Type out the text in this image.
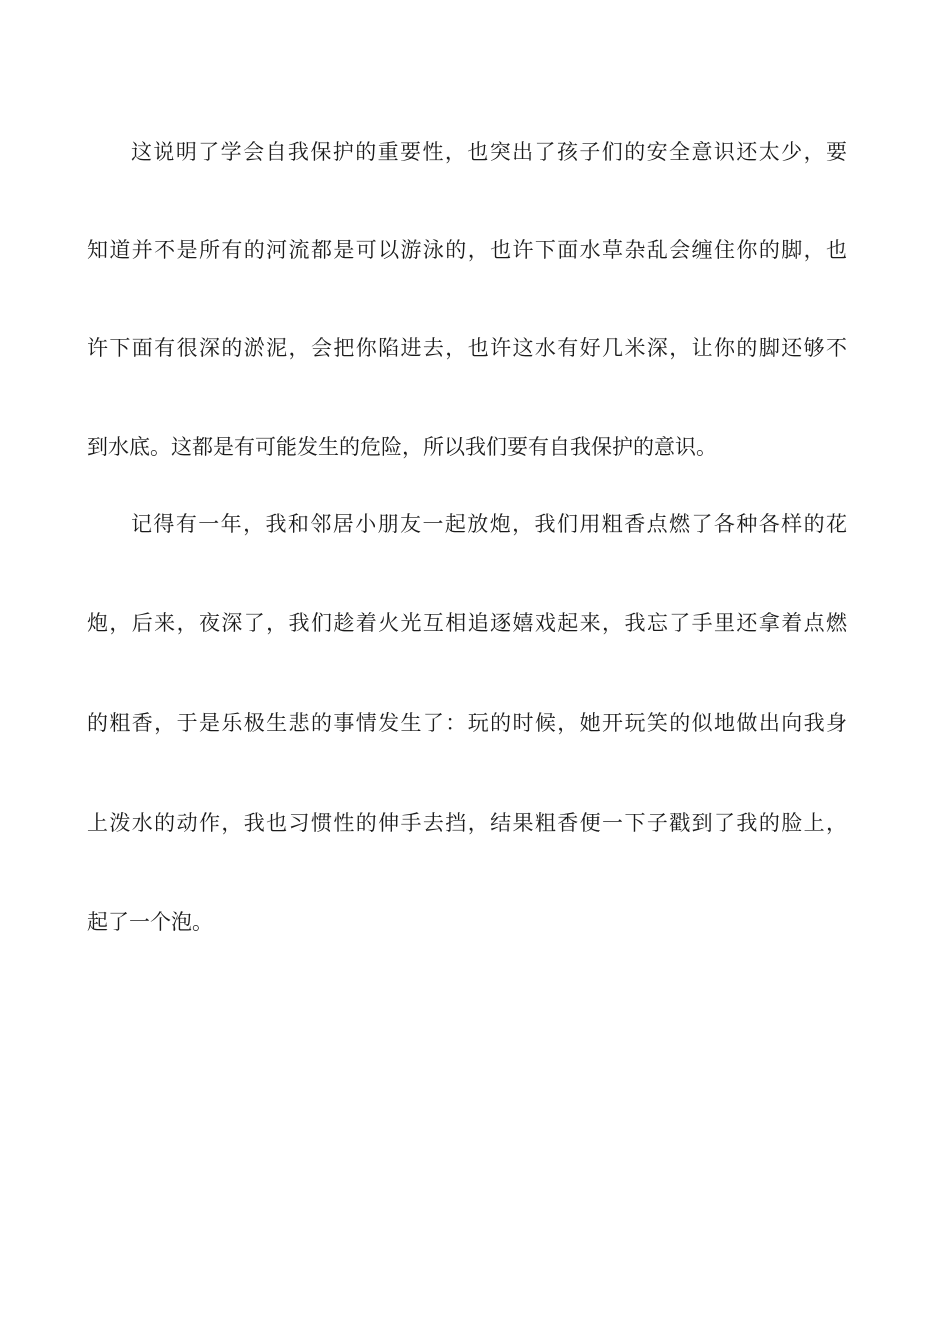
这说明了学会自我保护的重要性，也突出了孩子们的安全意识还太少，要
知道并不是所有的河流都是可以游泳的，也许下面水草杂乱会缠住你的脚，也
许下面有很深的淤泥，会把你陷进去，也许这水有好几米深，让你的脚还够不
到水底。这都是有可能发生的危险，所以我们要有自我保护的意识。
记得有一年，我和邻居小朋友一起放炮，我们用粗香点燃了各种各样的花
炮，后来，夜深了，我们趁着火光互相追逐嬉戏起来，我忘了手里还拿着点燃
的粗香，于是乐极生悲的事情发生了：玩的时候，她开玩笑的似地做出向我身
上泼水的动作，我也习惯性的伸手去挡，结果粗香便一下子戳到了我的脸上，
起了一个泡。
